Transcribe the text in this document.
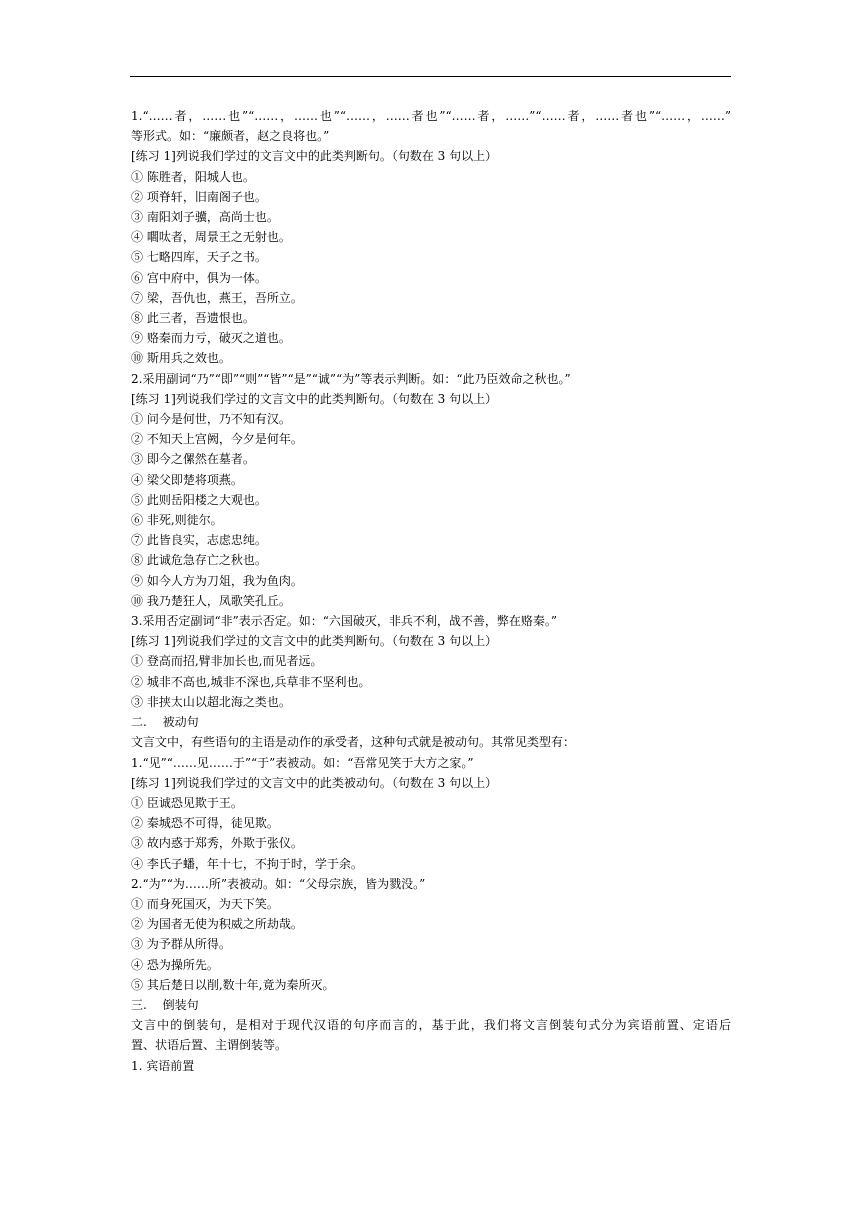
1.“……者，……也”“……，……也”“……，……者也”“……者，……”“……者，……者也”“……，……”
等形式。如：“廉颇者，赵之良将也。”
[练习 1]列说我们学过的文言文中的此类判断句。（句数在 3 句以上）
① 陈胜者，阳城人也。
② 项脊轩，旧南阁子也。
③ 南阳刘子骥，高尚士也。
④ 嚪呔者，周景王之无射也。
⑤ 七略四库，天子之书。
⑥ 宫中府中，俱为一体。
⑦ 梁，吾仇也，燕王，吾所立。
⑧ 此三者，吾遗恨也。
⑨ 赂秦而力亏，破灭之道也。
⑩ 斯用兵之效也。
2.采用副词“乃”“即”“则”“皆”“是”“诚”“为”等表示判断。如：“此乃臣效命之秋也。”
[练习 1]列说我们学过的文言文中的此类判断句。（句数在 3 句以上）
① 问今是何世，乃不知有汉。
② 不知天上宫阙，今夕是何年。
③ 即今之傫然在墓者。
④ 梁父即楚将项燕。
⑤ 此则岳阳楼之大观也。
⑥ 非死,则徙尔。
⑦ 此皆良实，志虑忠纯。
⑧ 此诚危急存亡之秋也。
⑨ 如今人方为刀俎，我为鱼肉。
⑩ 我乃楚狂人，凤歌笑孔丘。
3.采用否定副词“非”表示否定。如：“六国破灭，非兵不利，战不善，弊在赂秦。”
[练习 1]列说我们学过的文言文中的此类判断句。（句数在 3 句以上）
① 登高而招,臂非加长也,而见者远。
② 城非不高也,城非不深也,兵草非不坚利也。
③ 非挟太山以超北海之类也。
二.　 被动句
文言文中，有些语句的主语是动作的承受者，这种句式就是被动句。其常见类型有：
1.“见”“……见……于”“于”表被动。如：“吾常见笑于大方之家。”
[练习 1]列说我们学过的文言文中的此类被动句。（句数在 3 句以上）
① 臣诚恐见欺于王。
② 秦城恐不可得，徒见欺。
③ 故内惑于郑秀，外欺于张仪。
④ 李氏子蟠，年十七，不拘于时，学于余。
2.“为”“为……所”表被动。如：“父母宗族，皆为戮没。”
① 而身死国灭，为天下笑。
② 为国者无使为积威之所劫哉。
③ 为予群从所得。
④ 恐为操所先。
⑤ 其后楚日以削,数十年,竟为秦所灭。
三.　 倒装句
文言中的倒装句，是相对于现代汉语的句序而言的，基于此，我们将文言倒装句式分为宾语前置、定语后
置、状语后置、主谓倒装等。
1. 宾语前置
